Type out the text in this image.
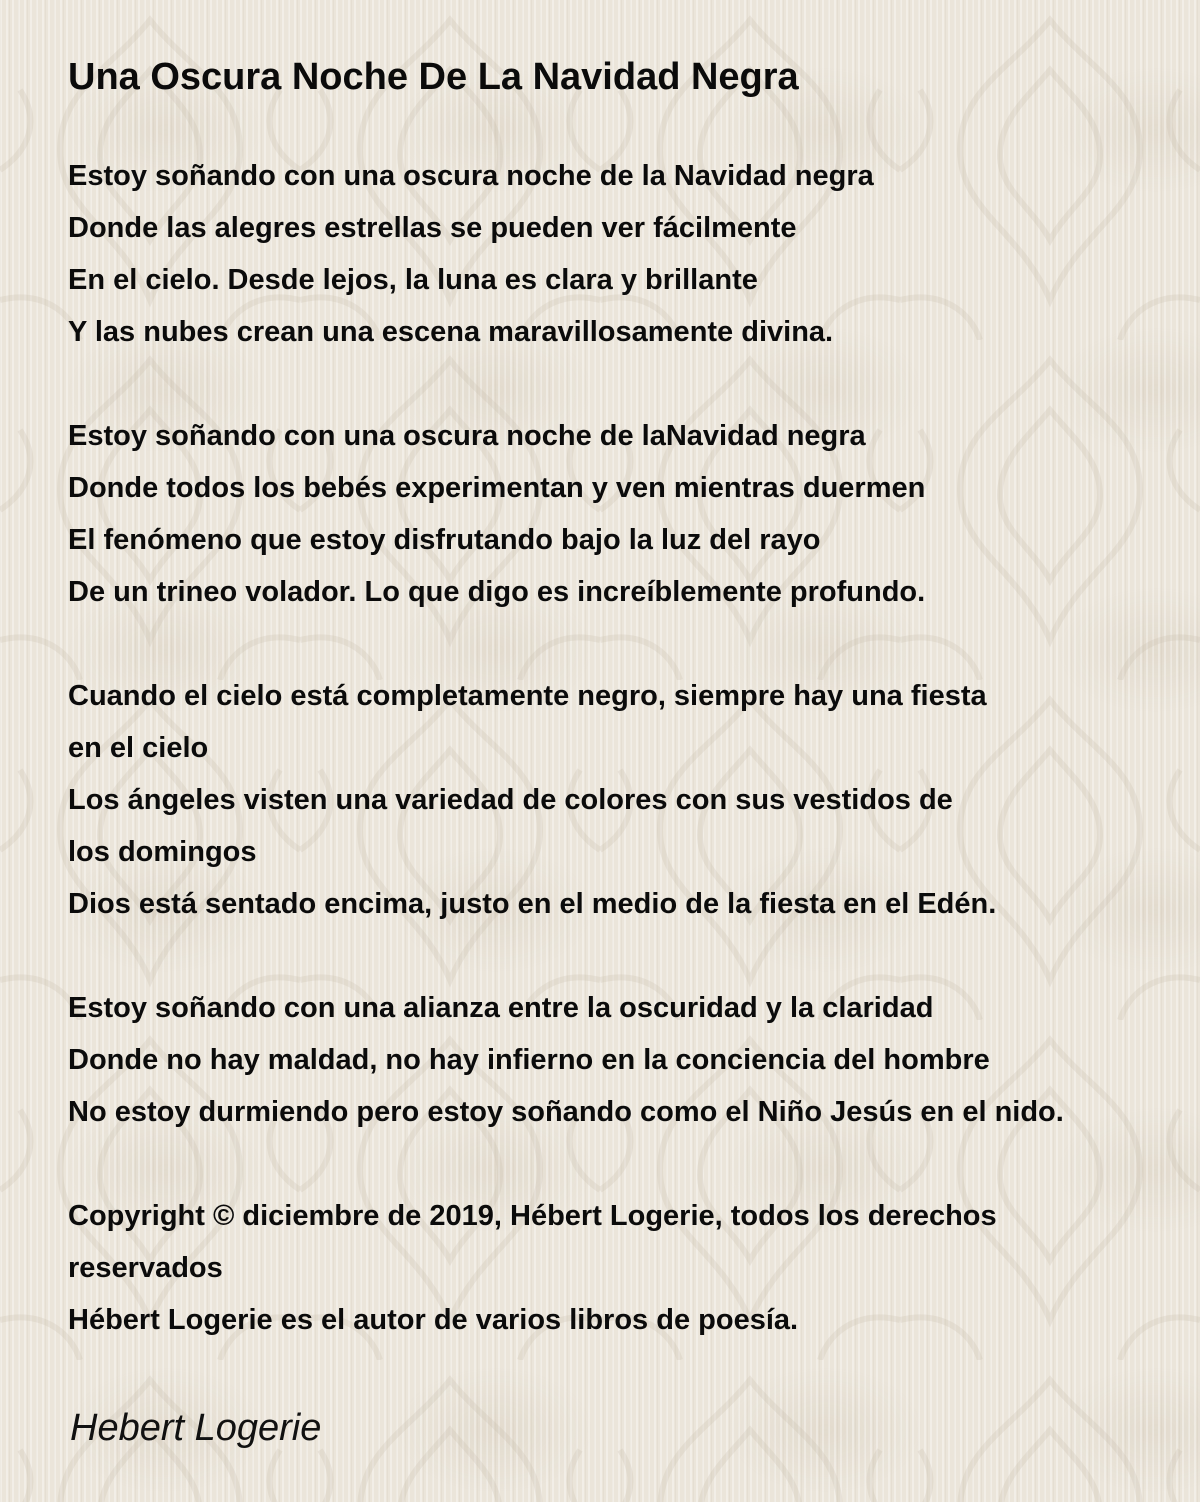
Una Oscura Noche De La Navidad Negra
Estoy soñando con una oscura noche de la Navidad negra
Donde las alegres estrellas se pueden ver fácilmente
En el cielo. Desde lejos, la luna es clara y brillante
Y las nubes crean una escena maravillosamente divina.
Estoy soñando con una oscura noche de laNavidad negra
Donde todos los bebés experimentan y ven mientras duermen
El fenómeno que estoy disfrutando bajo la luz del rayo
De un trineo volador. Lo que digo es increíblemente profundo.
Cuando el cielo está completamente negro, siempre hay una fiesta
en el cielo
Los ángeles visten una variedad de colores con sus vestidos de
los domingos
Dios está sentado encima, justo en el medio de la fiesta en el Edén.
Estoy soñando con una alianza entre la oscuridad y la claridad
Donde no hay maldad, no hay infierno en la conciencia del hombre
No estoy durmiendo pero estoy soñando como el Niño Jesús en el nido.
Copyright © diciembre de 2019, Hébert Logerie, todos los derechos
reservados
Hébert Logerie es el autor de varios libros de poesía.
Hebert Logerie
